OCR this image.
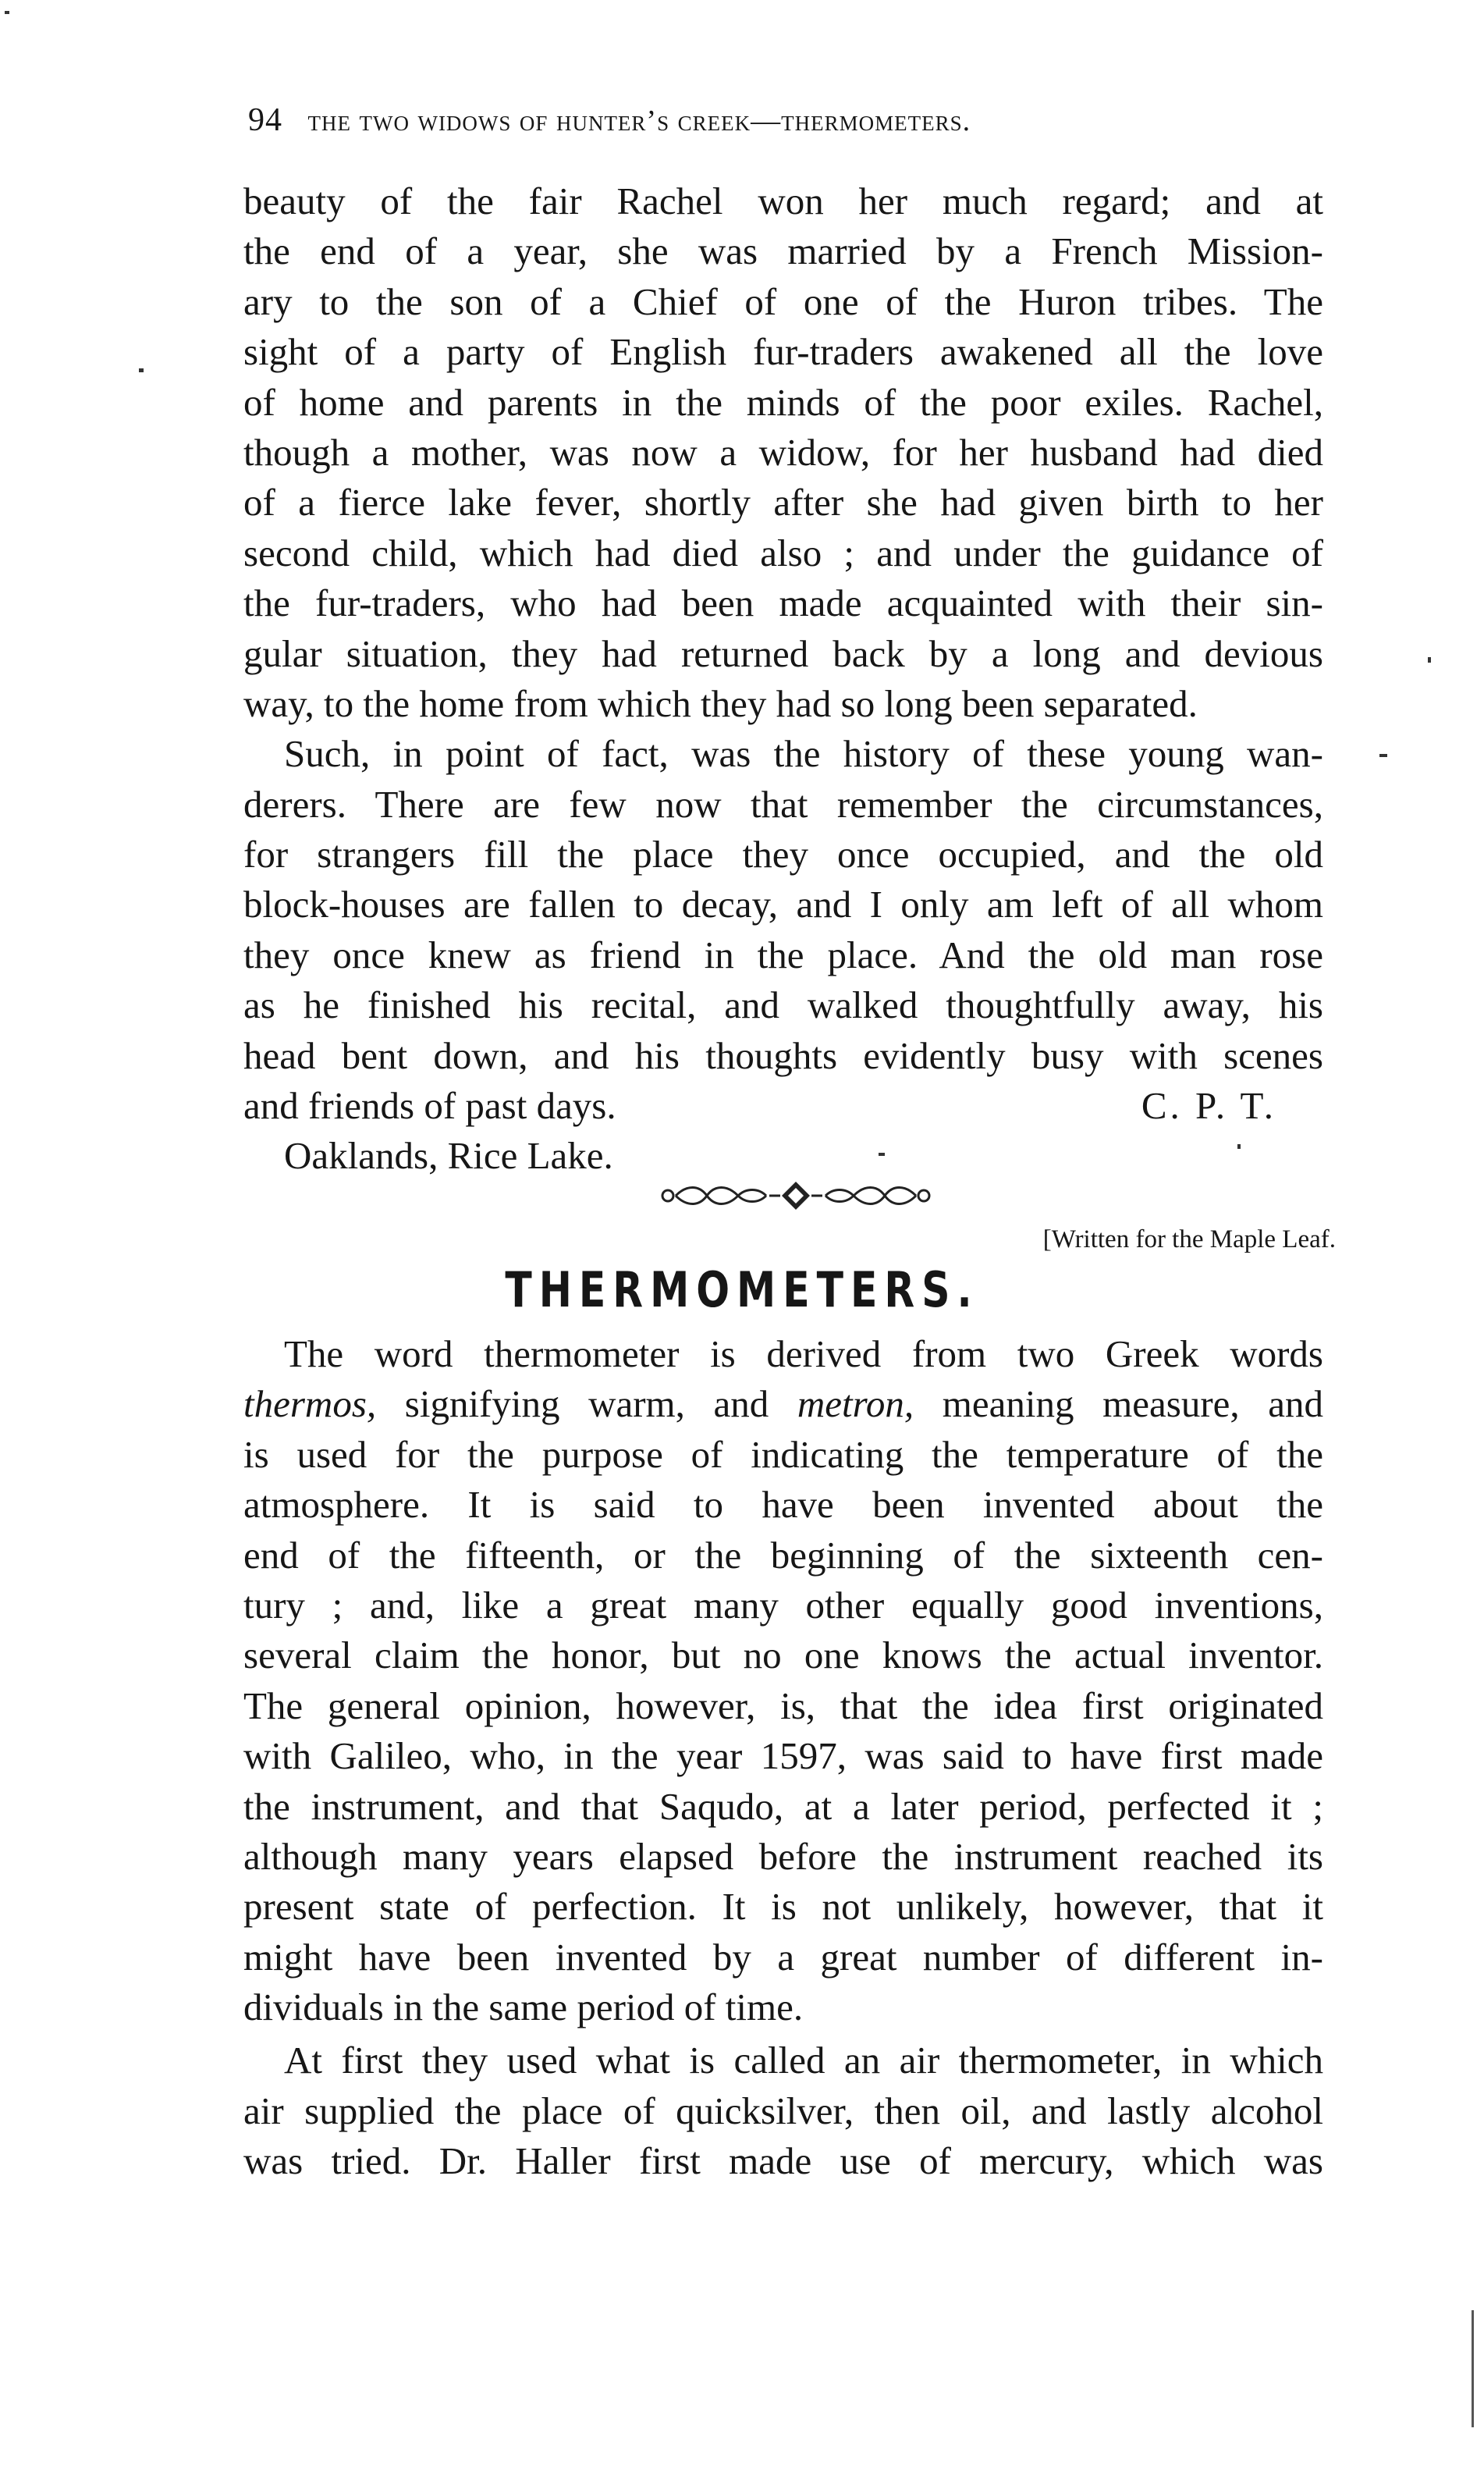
94 the two widows of hunter’s creek—thermometers.
beauty of the fair Rachel won her much regard; and at
the end of a year, she was married by a French Mission-
ary to the son of a Chief of one of the Huron tribes. The
sight of a party of English fur-traders awakened all the love
of home and parents in the minds of the poor exiles. Rachel,
though a mother, was now a widow, for her husband had died
of a fierce lake fever, shortly after she had given birth to her
second child, which had died also ; and under the guidance of
the fur-traders, who had been made acquainted with their sin-
gular situation, they had returned back by a long and devious
way, to the home from which they had so long been separated.
Such, in point of fact, was the history of these young wan-
derers. There are few now that remember the circumstances,
for strangers fill the place they once occupied, and the old
block-houses are fallen to decay, and I only am left of all whom
they once knew as friend in the place. And the old man rose
as he finished his recital, and walked thoughtfully away, his
head bent down, and his thoughts evidently busy with scenes
and friends of past days.	C. P. T.
Oaklands, Rice Lake.
[Written for the Maple Leaf.
THERMOMETERS.
The word thermometer is derived from two Greek words
thermos, signifying warm, and metron, meaning measure, and
is used for the purpose of indicating the temperature of the
atmosphere. It is said to have been invented about the
end of the fifteenth, or the beginning of the sixteenth cen-
tury ; and, like a great many other equally good inventions,
several claim the honor, but no one knows the actual inventor.
The general opinion, however, is, that the idea first originated
with Galileo, who, in the year 1597, was said to have first made
the instrument, and that Saqudo, at a later period, perfected it ;
although many years elapsed before the instrument reached its
present state of perfection. It is not unlikely, however, that it
might have been invented by a great number of different in-
dividuals in the same period of time.
At first they used what is called an air thermometer, in which
air supplied the place of quicksilver, then oil, and lastly alcohol
was tried. Dr. Haller first made use of mercury, which was
